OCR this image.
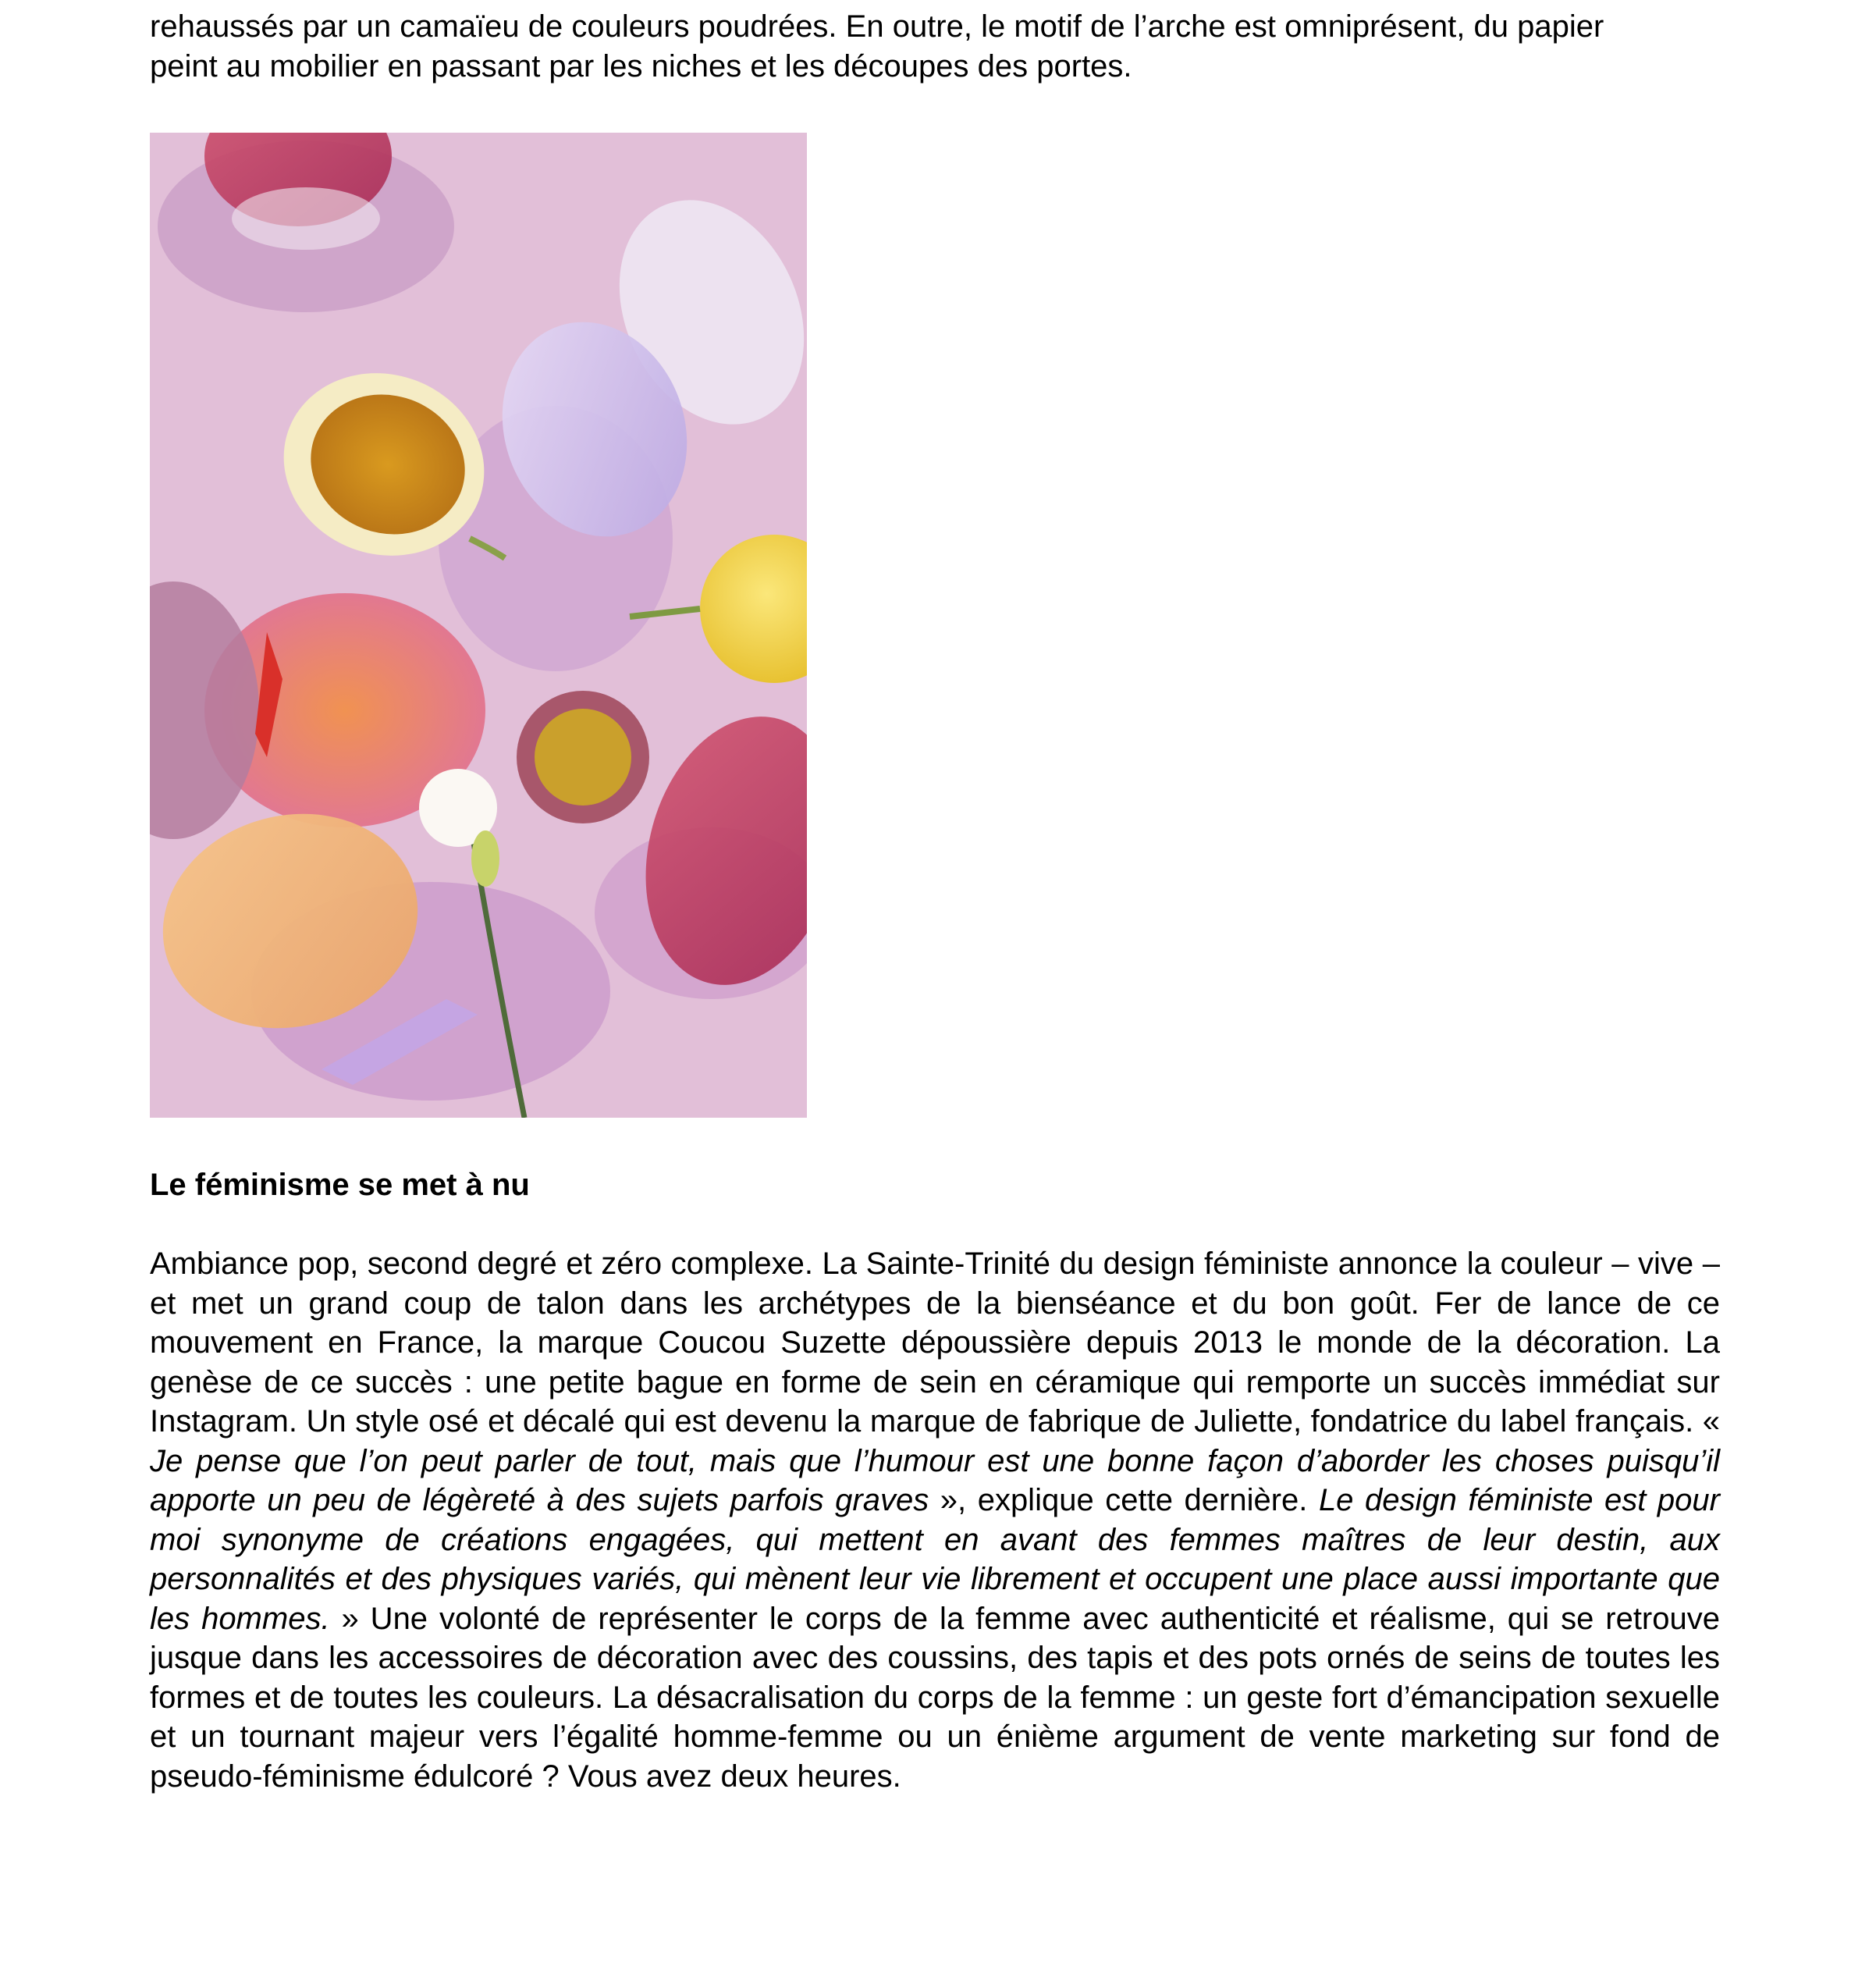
rehaussés par un camaïeu de couleurs poudrées. En outre, le motif de l’arche est omniprésent, du papier
peint au mobilier en passant par les niches et les découpes des portes.

Le féminisme se met à nu

Ambiance pop, second degré et zéro complexe. La Sainte-Trinité du design féministe annonce la couleur – vive – et met un grand coup de talon dans les archétypes de la bienséance et du bon goût. Fer de lance de ce mouvement en France, la marque Coucou Suzette dépoussière depuis 2013 le monde de la décoration. La genèse de ce succès : une petite bague en forme de sein en céramique qui remporte un succès immédiat sur Instagram. Un style osé et décalé qui est devenu la marque de fabrique de Juliette, fondatrice du label français. « Je pense que l’on peut parler de tout, mais que l’humour est une bonne façon d’aborder les choses puisqu’il apporte un peu de légèreté à des sujets parfois graves », explique cette dernière. Le design féministe est pour moi synonyme de créations engagées, qui mettent en avant des femmes maîtres de leur destin, aux personnalités et des physiques variés, qui mènent leur vie librement et occupent une place aussi importante que les hommes. » Une volonté de représenter le corps de la femme avec authenticité et réalisme, qui se retrouve jusque dans les accessoires de décoration avec des coussins, des tapis et des pots ornés de seins de toutes les formes et de toutes les couleurs. La désacralisation du corps de la femme : un geste fort d’émancipation sexuelle et un tournant majeur vers l’égalité homme-femme ou un énième argument de vente marketing sur fond de pseudo-féminisme édulcoré ? Vous avez deux heures.
